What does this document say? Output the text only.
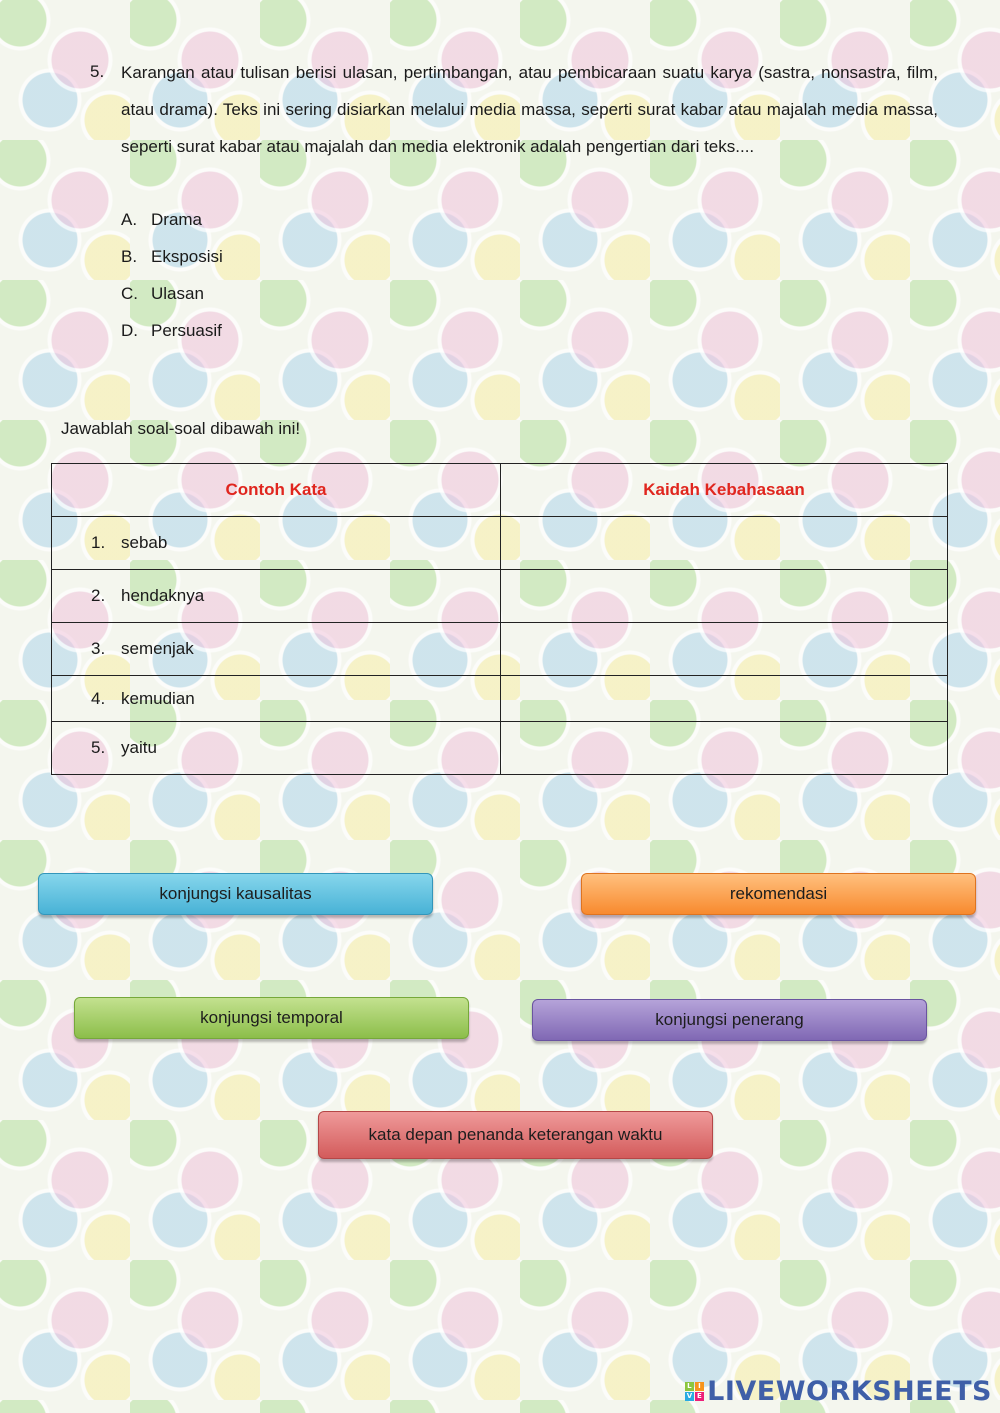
5. Karangan atau tulisan berisi ulasan, pertimbangan, atau pembicaraan suatu karya (sastra, nonsastra, film, atau drama). Teks ini sering disiarkan melalui media massa, seperti surat kabar atau majalah media massa, seperti surat kabar atau majalah dan media elektronik adalah pengertian dari teks....
A. Drama
B. Eksposisi
C. Ulasan
D. Persuasif
Jawablah soal-soal dibawah ini!
Contoh Kata	Kaidah Kebahasaan
1. sebab	
2. hendaknya	
3. semenjak	
4. kemudian	
5. yaitu	
konjungsi kausalitas	rekomendasi
konjungsi temporal	konjungsi penerang
kata depan penanda keterangan waktu
L I
V E LIVEWORKSHEETS
